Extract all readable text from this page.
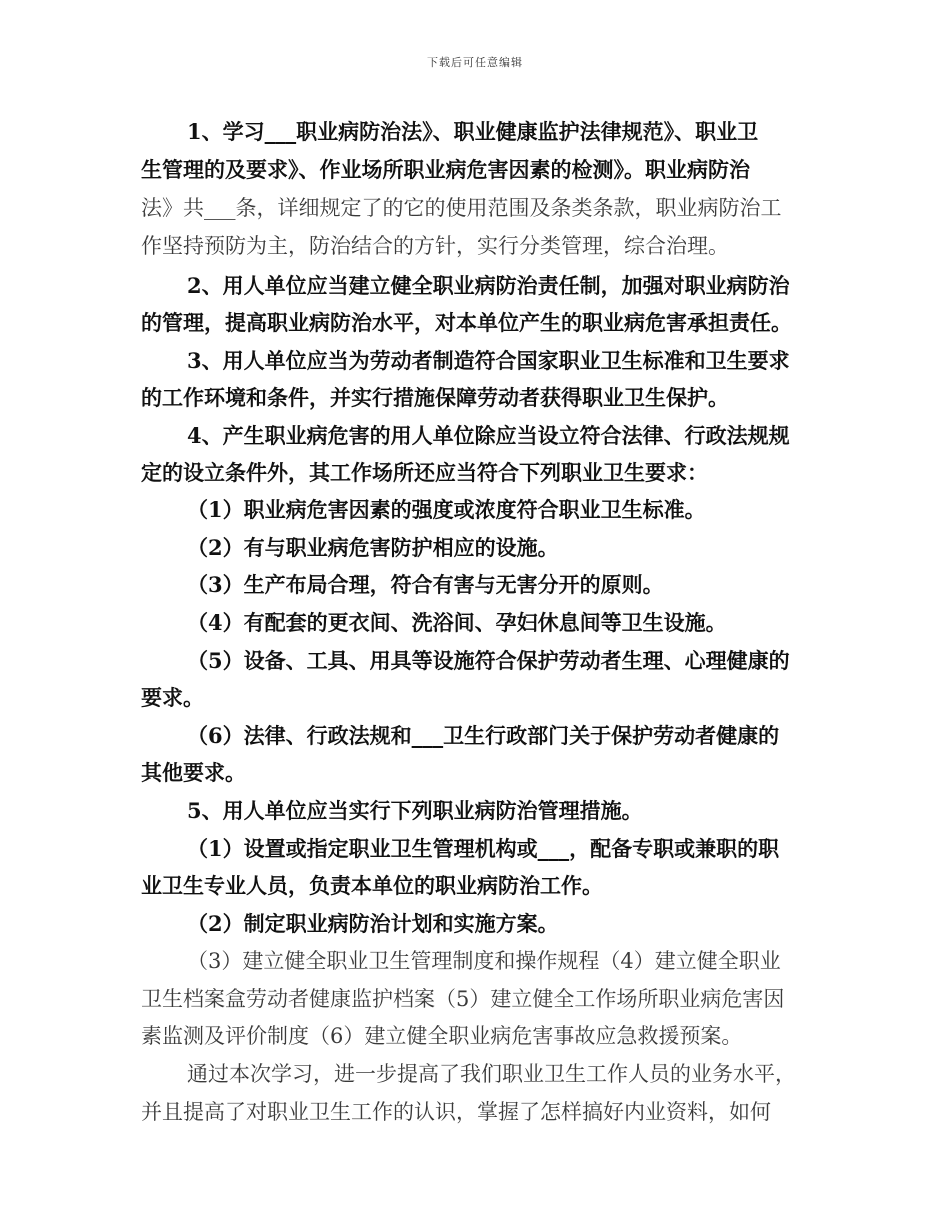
下载后可任意编辑
1、学习___职业病防治法》、职业健康监护法律规范》、职业卫
生管理的及要求》、作业场所职业病危害因素的检测》。职业病防治
法》共___条，详细规定了的它的使用范围及条类条款，职业病防治工
作坚持预防为主，防治结合的方针，实行分类管理，综合治理。
2、用人单位应当建立健全职业病防治责任制，加强对职业病防治
的管理，提高职业病防治水平，对本单位产生的职业病危害承担责任。
3、用人单位应当为劳动者制造符合国家职业卫生标准和卫生要求
的工作环境和条件，并实行措施保障劳动者获得职业卫生保护。
4、产生职业病危害的用人单位除应当设立符合法律、行政法规规
定的设立条件外，其工作场所还应当符合下列职业卫生要求：
（1）职业病危害因素的强度或浓度符合职业卫生标准。
（2）有与职业病危害防护相应的设施。
（3）生产布局合理，符合有害与无害分开的原则。
（4）有配套的更衣间、洗浴间、孕妇休息间等卫生设施。
（5）设备、工具、用具等设施符合保护劳动者生理、心理健康的
要求。
（6）法律、行政法规和___卫生行政部门关于保护劳动者健康的
其他要求。
5、用人单位应当实行下列职业病防治管理措施。
（1）设置或指定职业卫生管理机构或___，配备专职或兼职的职
业卫生专业人员，负责本单位的职业病防治工作。
（2）制定职业病防治计划和实施方案。
（3）建立健全职业卫生管理制度和操作规程（4）建立健全职业
卫生档案盒劳动者健康监护档案（5）建立健全工作场所职业病危害因
素监测及评价制度（6）建立健全职业病危害事故应急救援预案。
通过本次学习，进一步提高了我们职业卫生工作人员的业务水平，
并且提高了对职业卫生工作的认识，掌握了怎样搞好内业资料，如何
